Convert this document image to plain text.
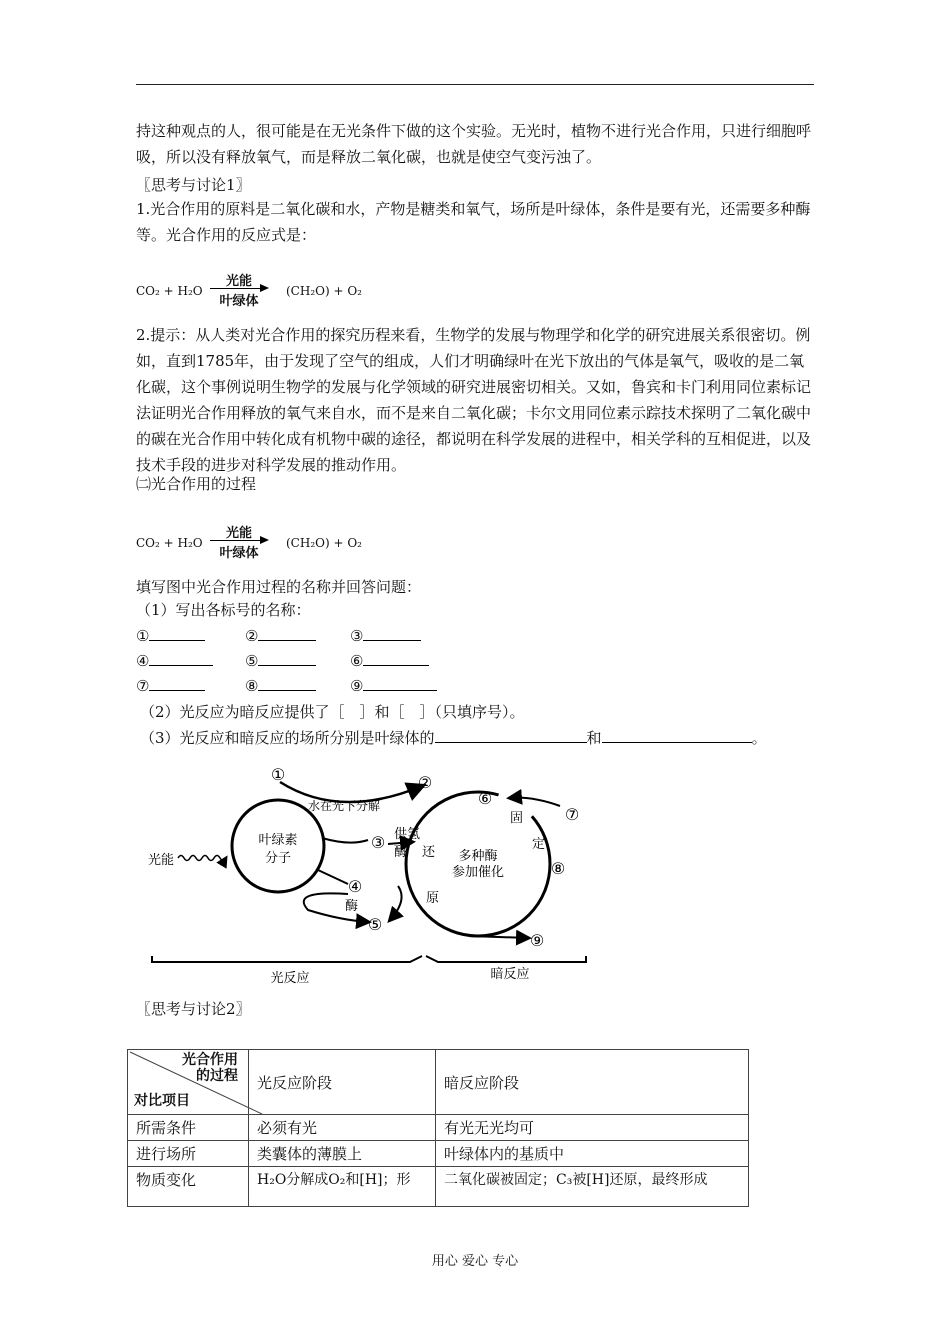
持这种观点的人，很可能是在无光条件下做的这个实验。无光时，植物不进行光合作用，只进行细胞呼吸，所以没有释放氧气，而是释放二氧化碳，也就是使空气变污浊了。

〖思考与讨论1〗

1.光合作用的原料是二氧化碳和水，产物是糖类和氧气，场所是叶绿体，条件是要有光，还需要多种酶等。光合作用的反应式是：

CO₂ + H₂O
光能
叶绿体
(CH₂O) + O₂

2.提示：从人类对光合作用的探究历程来看，生物学的发展与物理学和化学的研究进展关系很密切。例如，直到1785年，由于发现了空气的组成，人们才明确绿叶在光下放出的气体是氧气，吸收的是二氧化碳，这个事例说明生物学的发展与化学领域的研究进展密切相关。又如，鲁宾和卡门利用同位素标记法证明光合作用释放的氧气来自水，而不是来自二氧化碳；卡尔文用同位素示踪技术探明了二氧化碳中的碳在光合作用中转化成有机物中碳的途径，都说明在科学发展的进程中，相关学科的互相促进，以及技术手段的进步对科学发展的推动作用。

㈡光合作用的过程
CO₂ + H₂O
光能
叶绿体
(CH₂O) + O₂
填写图中光合作用过程的名称并回答问题：
（1）写出各标号的名称：
①	②	③
④	⑤	⑥
⑦	⑧	⑨
（2）光反应为暗反应提供了［　］和［　］（只填序号）。
（3）光反应和暗反应的场所分别是叶绿体的	和	。
光能
叶绿素
分子	多种酶
参加催化
水在光下分解
①	②
③
④
⑤
⑥
⑦
⑧
⑨
供氢
酶
酶
还
原
固
定
光反应	暗反应
〖思考与讨论2〗
光合作用
的过程
对比项目	光反应阶段	暗反应阶段
所需条件	必须有光	有光无光均可
进行场所	类囊体的薄膜上	叶绿体内的基质中
物质变化	H₂O分解成O₂和[H]；形	二氧化碳被固定；C₃被[H]还原，最终形成
用心 爱心 专心
